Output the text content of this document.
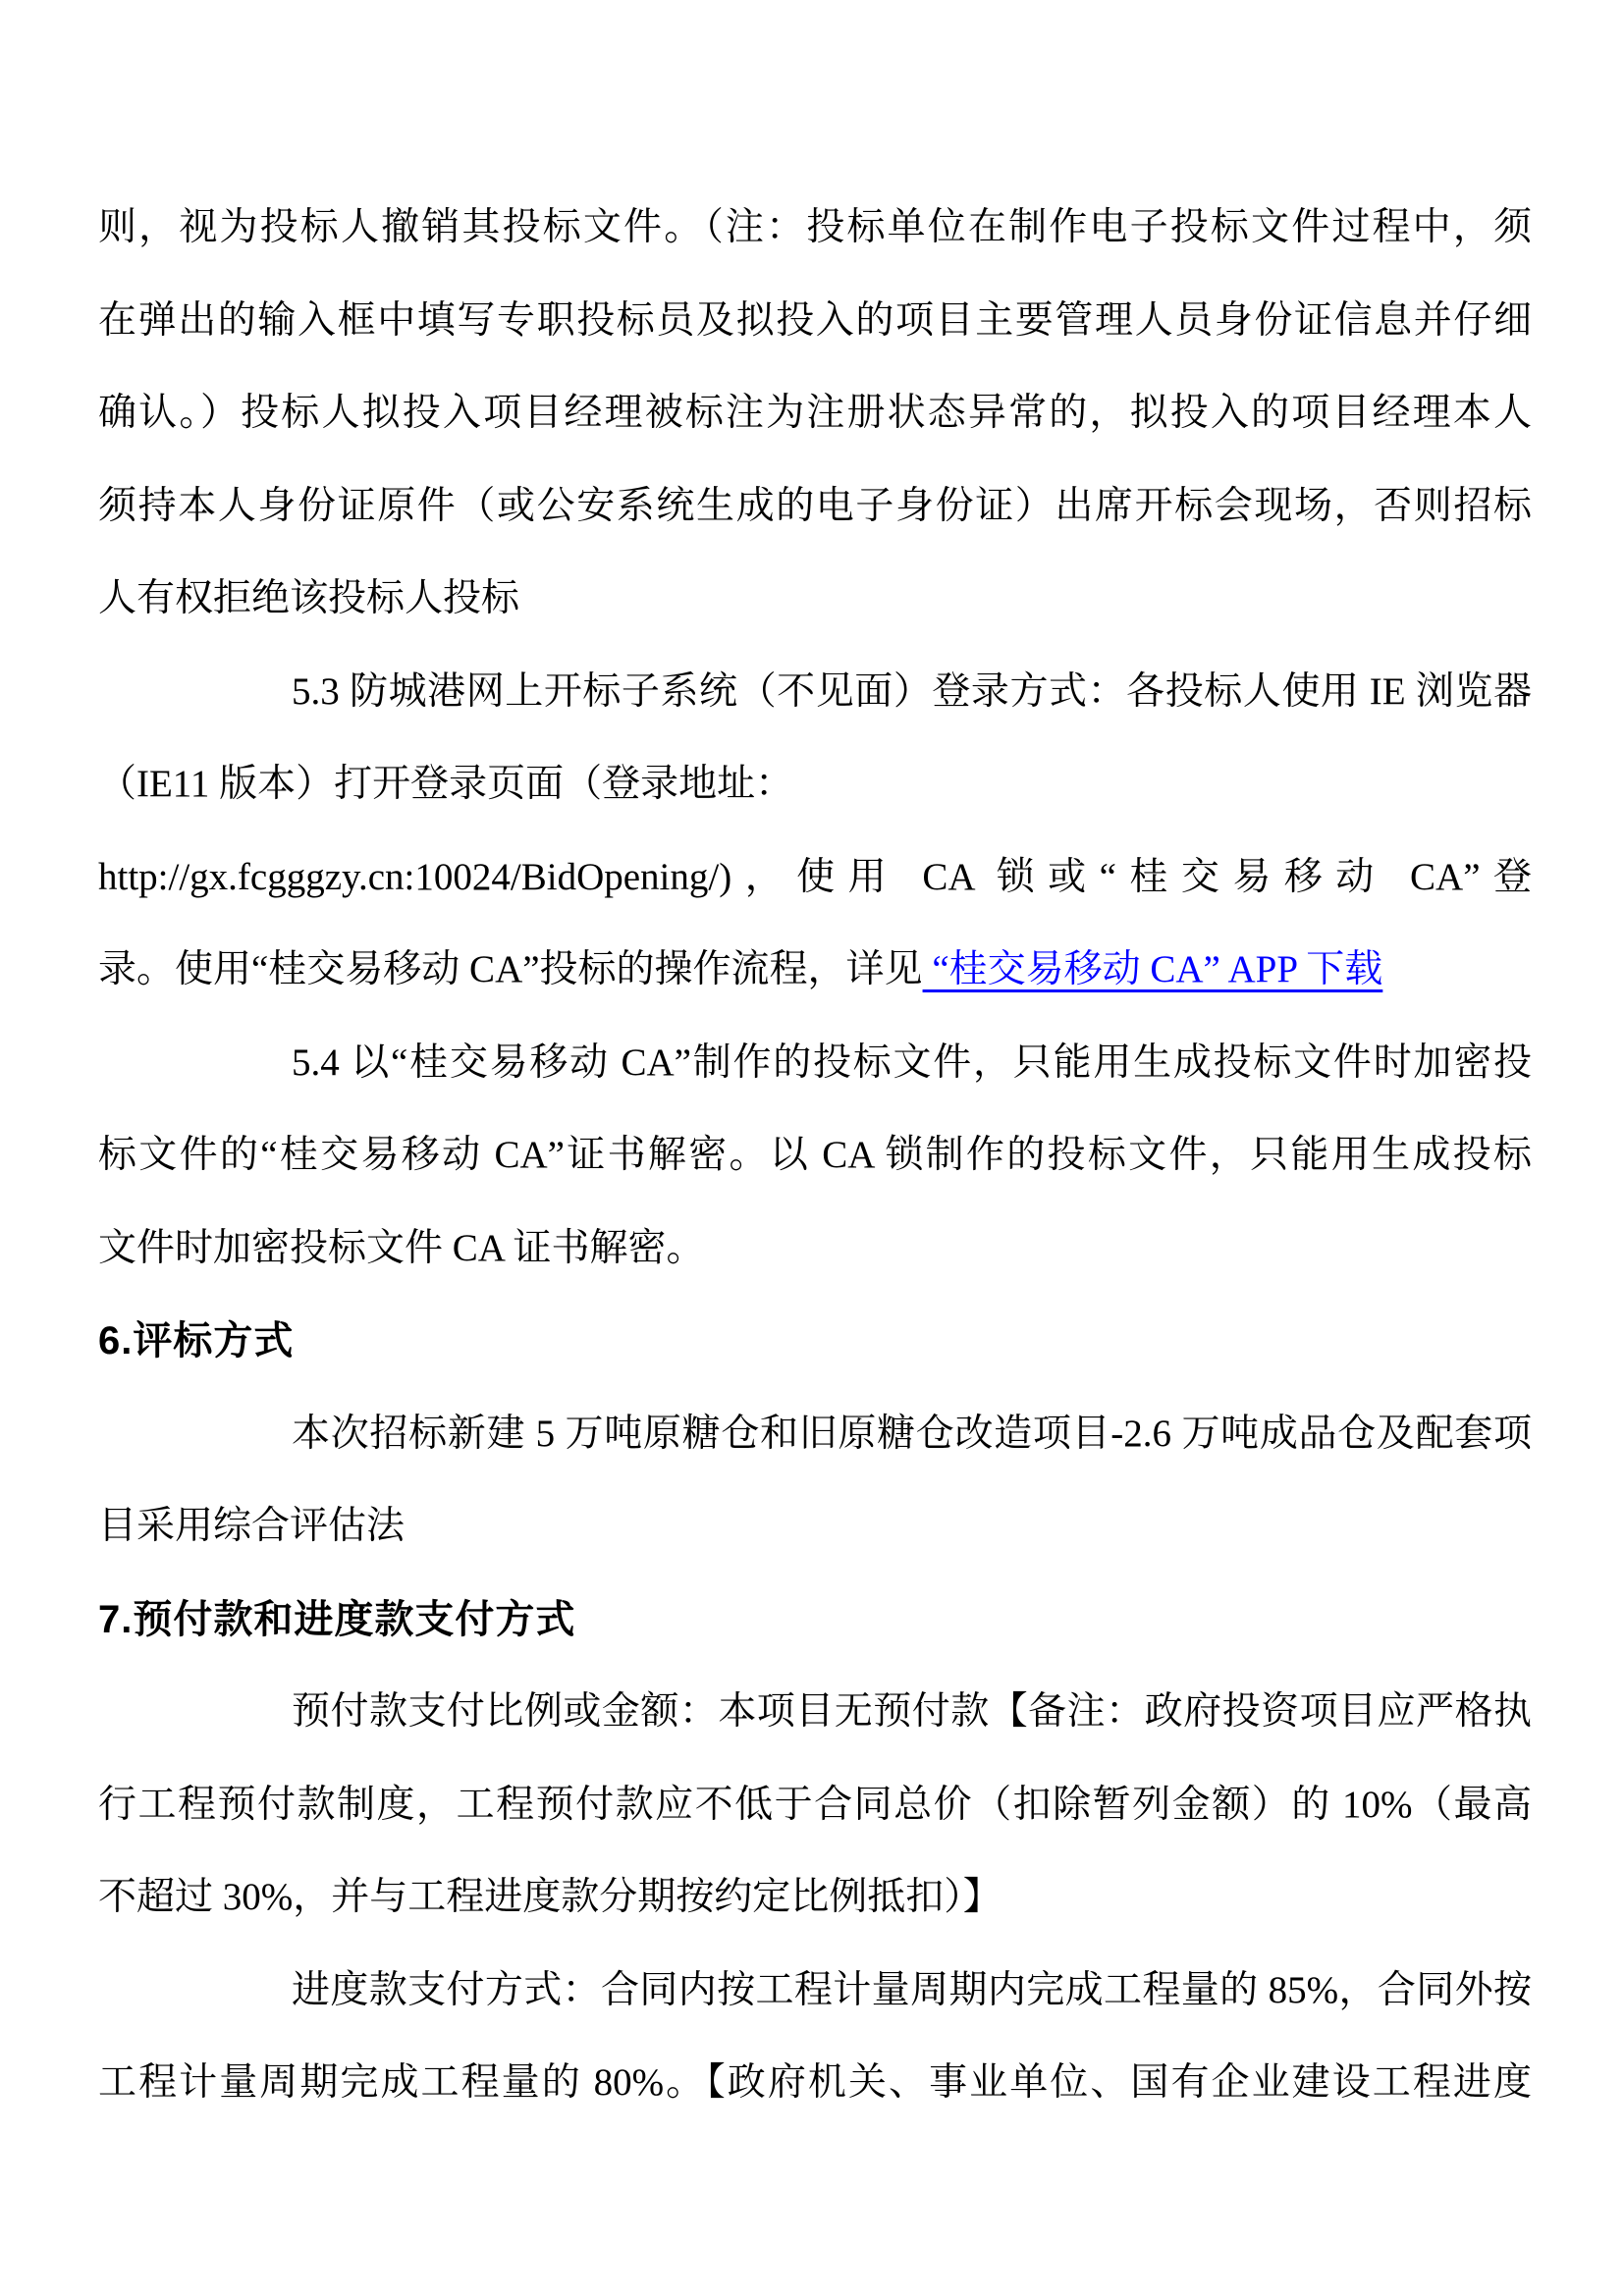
则，视为投标人撤销其投标文件。（注：投标单位在制作电子投标文件过程中，须
在弹出的输入框中填写专职投标员及拟投入的项目主要管理人员身份证信息并仔细
确认。）投标人拟投入项目经理被标注为注册状态异常的，拟投入的项目经理本人
须持本人身份证原件（或公安系统生成的电子身份证）出席开标会现场，否则招标
人有权拒绝该投标人投标
5.3 防城港网上开标子系统（不见面）登录方式：各投标人使用 IE 浏览器
（IE11 版本）打开登录页面（登录地址：
http://gx.fcgggzy.cn:10024/BidOpening/)，使用 CA 锁或“桂交易移动 CA”登
录。使用“桂交易移动 CA”投标的操作流程，详见 “桂交易移动 CA” APP 下载
5.4 以“桂交易移动 CA”制作的投标文件，只能用生成投标文件时加密投
标文件的“桂交易移动 CA”证书解密。以 CA 锁制作的投标文件，只能用生成投标
文件时加密投标文件 CA 证书解密。
6.评标方式
本次招标新建 5 万吨原糖仓和旧原糖仓改造项目-2.6 万吨成品仓及配套项
目采用综合评估法
7.预付款和进度款支付方式
预付款支付比例或金额：本项目无预付款【备注：政府投资项目应严格执
行工程预付款制度，工程预付款应不低于合同总价（扣除暂列金额）的 10%（最高
不超过 30%，并与工程进度款分期按约定比例抵扣）】
进度款支付方式：合同内按工程计量周期内完成工程量的 85%，合同外按
工程计量周期完成工程量的 80%。【政府机关、事业单位、国有企业建设工程进度
